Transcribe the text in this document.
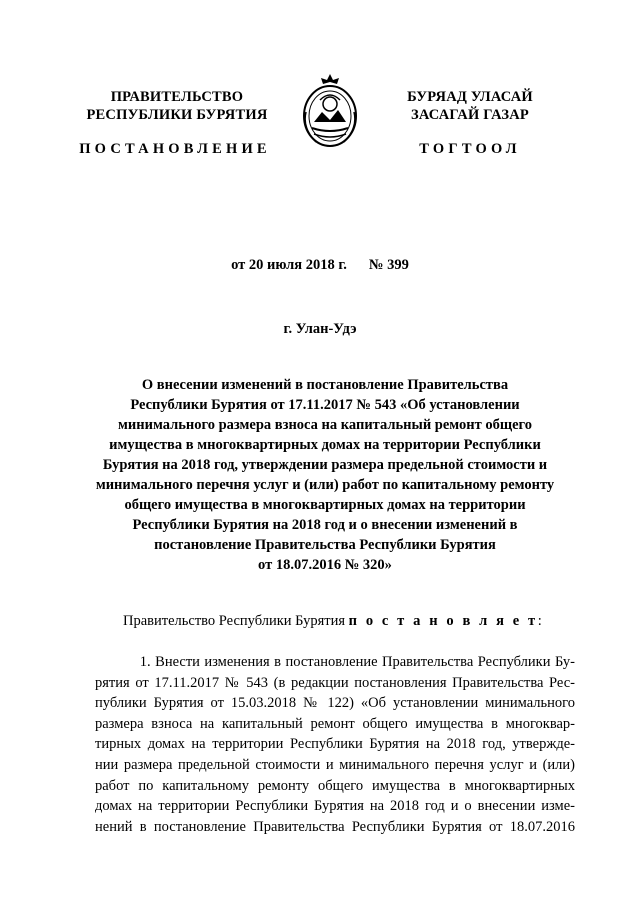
ПРАВИТЕЛЬСТВО
РЕСПУБЛИКИ БУРЯТИЯ
БУРЯАД УЛАСАЙ
ЗАСАГАЙ ГАЗАР
ПОСТАНОВЛЕНИЕ	ТОГТООЛ
от 20 июля 2018 г. № 399
г. Улан-Удэ
О внесении изменений в постановление Правительства
Республики Бурятия от 17.11.2017 № 543 «Об установлении
минимального размера взноса на капитальный ремонт общего
имущества в многоквартирных домах на территории Республики
Бурятия на 2018 год, утверждении размера предельной стоимости и
минимального перечня услуг и (или) работ по капитальному ремонту
общего имущества в многоквартирных домах на территории
Республики Бурятия на 2018 год и о внесении изменений в
постановление Правительства Республики Бурятия
от 18.07.2016 № 320»
Правительство Республики Бурятия п о с т а н о в л я е т:
1. Внести изменения в постановление Правительства Республики Бу-
рятия от 17.11.2017 № 543 (в редакции постановления Правительства Рес-
публики Бурятия от 15.03.2018 № 122) «Об установлении минимального
размера взноса на капитальный ремонт общего имущества в многоквар-
тирных домах на территории Республики Бурятия на 2018 год, утвержде-
нии размера предельной стоимости и минимального перечня услуг и (или)
работ по капитальному ремонту общего имущества в многоквартирных
домах на территории Республики Бурятия на 2018 год и о внесении изме-
нений в постановление Правительства Республики Бурятия от 18.07.2016
